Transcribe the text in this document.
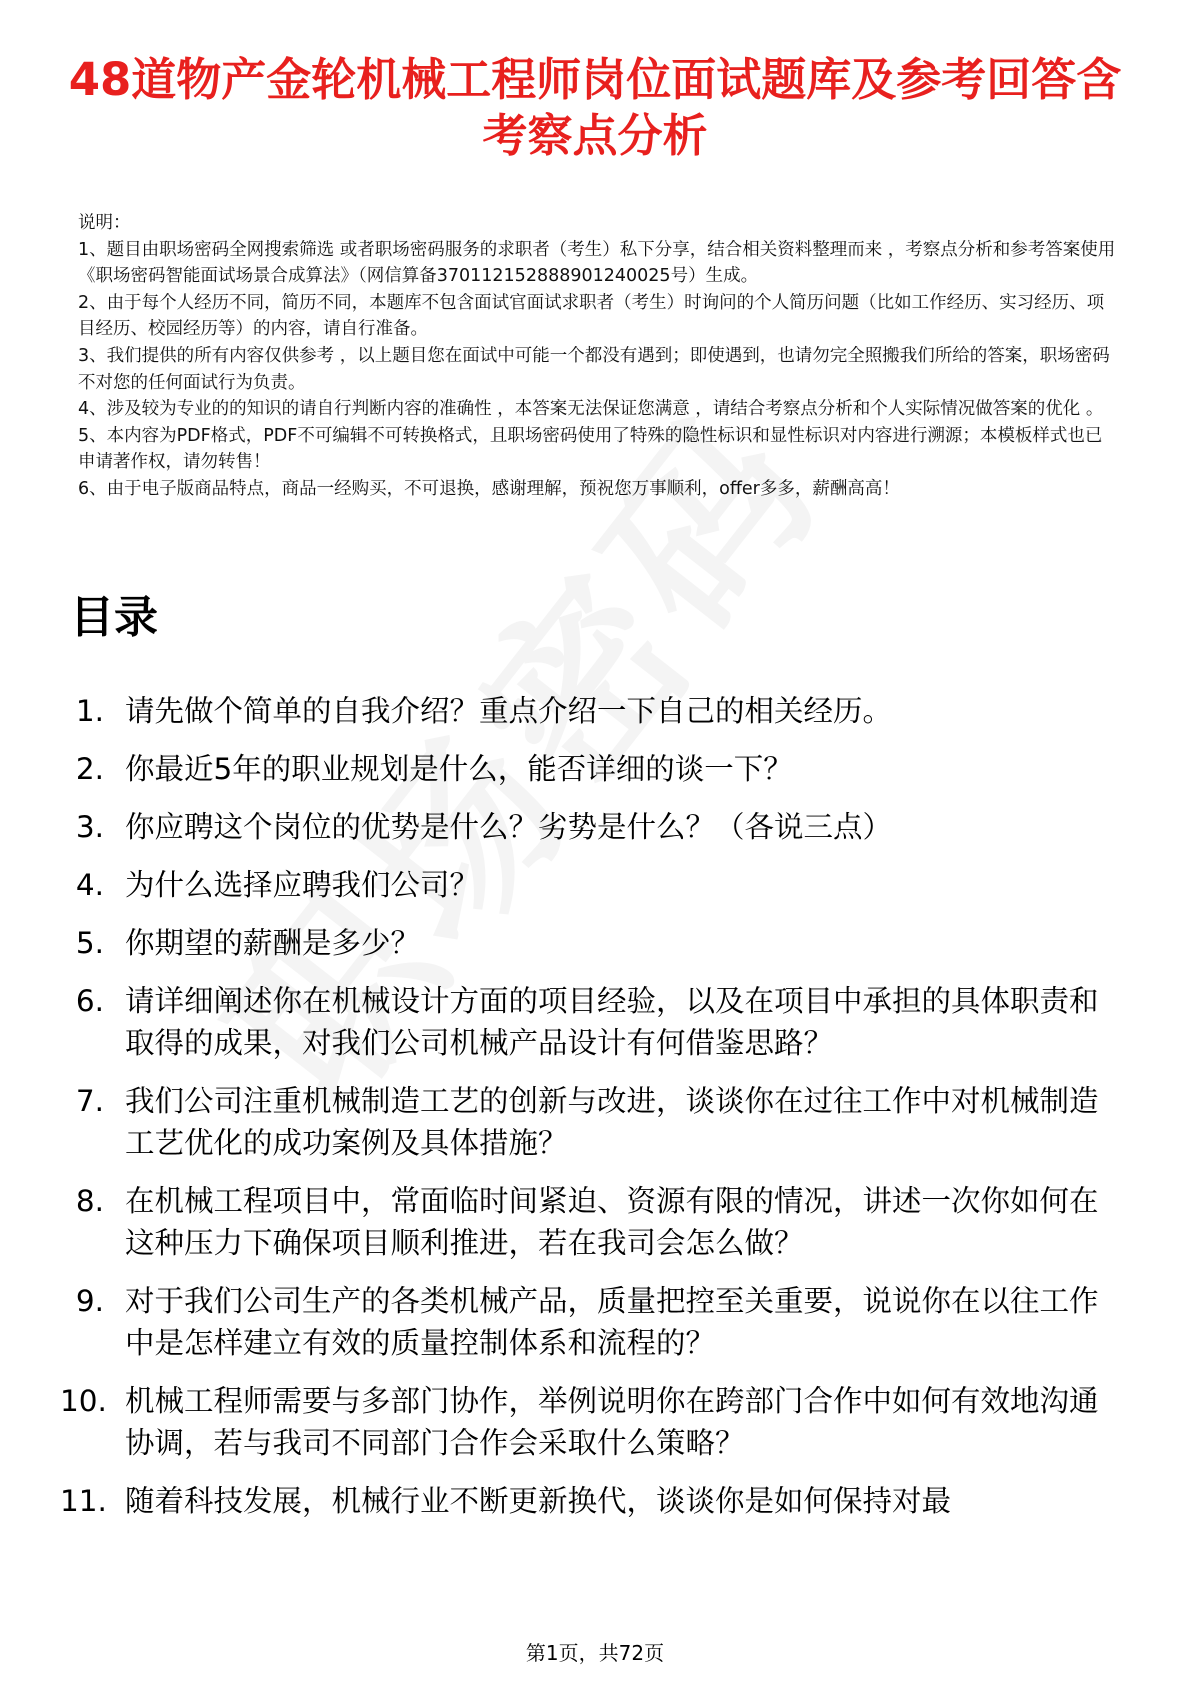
48道物产金轮机械工程师岗位面试题库及参考回答含考察点分析

说明：

1、题目由职场密码全网搜索筛选 或者职场密码服务的求职者（考生）私下分享，结合相关资料整理而来 ，考察点分析和参考答案使用《职场密码智能面试场景合成算法》（网信算备370112152888901240025号）生成。

2、由于每个人经历不同，简历不同，本题库不包含面试官面试求职者（考生）时询问的个人简历问题（比如工作经历、实习经历、项目经历、校园经历等）的内容，请自行准备。

3、我们提供的所有内容仅供参考 ，以上题目您在面试中可能一个都没有遇到；即使遇到，也请勿完全照搬我们所给的答案，职场密码不对您的任何面试行为负责。

4、涉及较为专业的的知识的请自行判断内容的准确性 ，本答案无法保证您满意 ，请结合考察点分析和个人实际情况做答案的优化 。

5、本内容为PDF格式，PDF不可编辑不可转换格式，且职场密码使用了特殊的隐性标识和显性标识对内容进行溯源；本模板样式也已申请著作权，请勿转售！

6、由于电子版商品特点，商品一经购买，不可退换，感谢理解，预祝您万事顺利，offer多多，薪酬高高！

目录
1. 请先做个简单的自我介绍？重点介绍一下自己的相关经历。
2. 你最近5年的职业规划是什么，能否详细的谈一下？
3. 你应聘这个岗位的优势是什么？劣势是什么？（各说三点）
4. 为什么选择应聘我们公司？
5. 你期望的薪酬是多少？
6. 请详细阐述你在机械设计方面的项目经验，以及在项目中承担的具体职责和取得的成果，对我们公司机械产品设计有何借鉴思路？
7. 我们公司注重机械制造工艺的创新与改进，谈谈你在过往工作中对机械制造工艺优化的成功案例及具体措施？
8. 在机械工程项目中，常面临时间紧迫、资源有限的情况，讲述一次你如何在这种压力下确保项目顺利推进，若在我司会怎么做？
9. 对于我们公司生产的各类机械产品，质量把控至关重要，说说你在以往工作中是怎样建立有效的质量控制体系和流程的？
10. 机械工程师需要与多部门协作，举例说明你在跨部门合作中如何有效地沟通协调，若与我司不同部门合作会采取什么策略？
11. 随着科技发展，机械行业不断更新换代，谈谈你是如何保持对最
第1页，共72页
